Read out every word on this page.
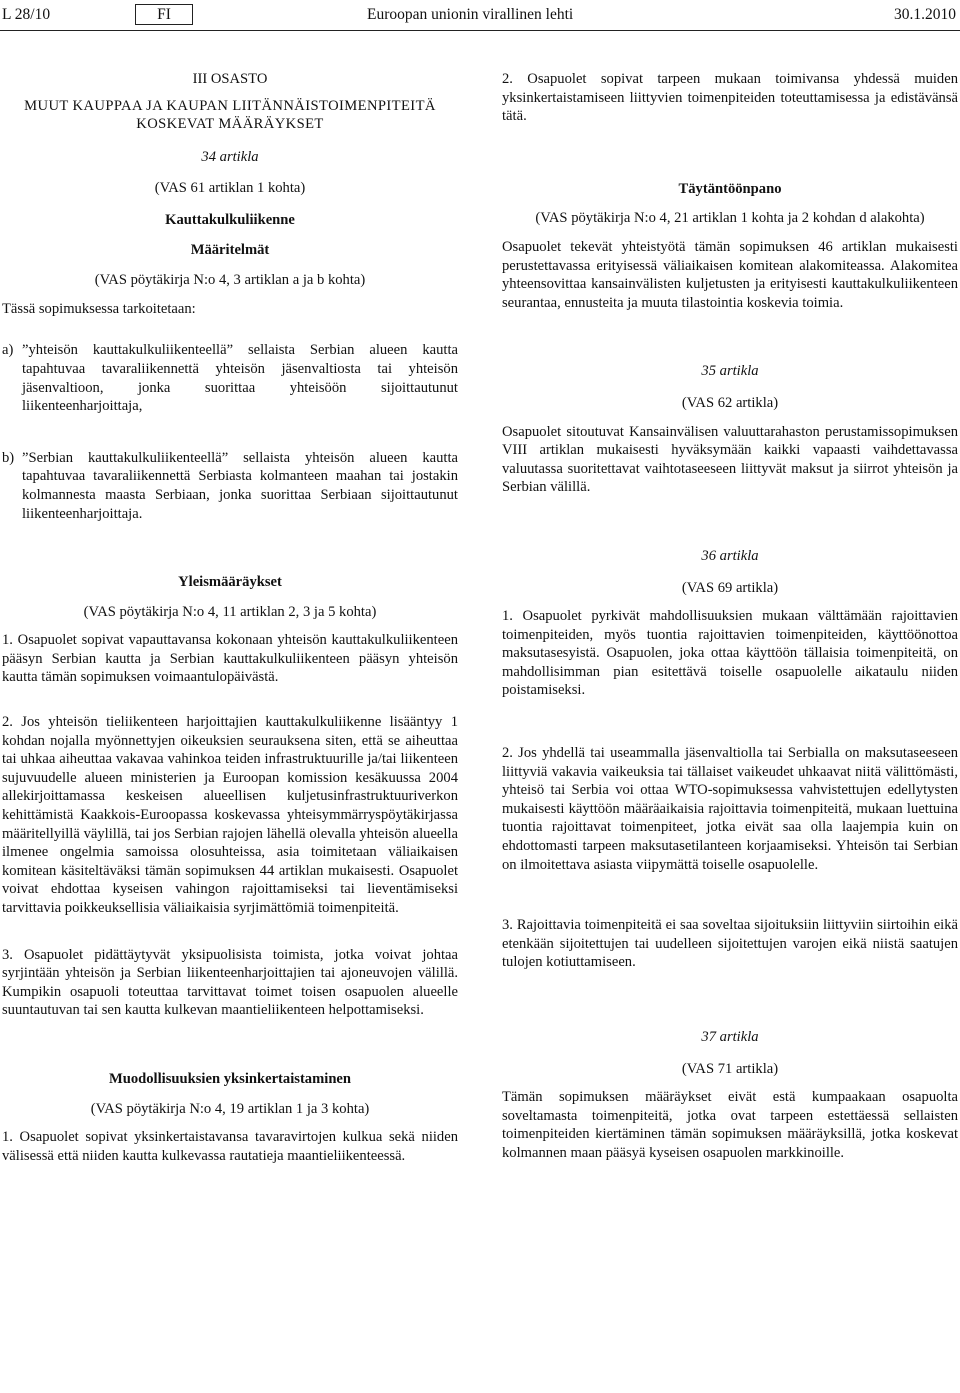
L 28/10	FI	Euroopan unionin virallinen lehti	30.1.2010
III OSASTO
MUUT KAUPPAA JA KAUPAN LIITÄNNÄISTOIMENPITEITÄ KOSKEVAT MÄÄRÄYKSET
34 artikla
(VAS 61 artiklan 1 kohta)
Kauttakulkuliikenne
Määritelmät
(VAS pöytäkirja N:o 4, 3 artiklan a ja b kohta)
Tässä sopimuksessa tarkoitetaan:
a) ”yhteisön kauttakulkuliikenteellä” sellaista Serbian alueen kautta tapahtuvaa tavaraliikennettä yhteisön jäsenvaltiosta tai yhteisön jäsenvaltioon, jonka suorittaa yhteisöön sijoittautunut liikenteenharjoittaja,
b) ”Serbian kauttakulkuliikenteellä” sellaista yhteisön alueen kautta tapahtuvaa tavaraliikennettä Serbiasta kolmanteen maahan tai jostakin kolmannesta maasta Serbiaan, jonka suorittaa Serbiaan sijoittautunut liikenteenharjoittaja.
Yleismääräykset
(VAS pöytäkirja N:o 4, 11 artiklan 2, 3 ja 5 kohta)

1. Osapuolet sopivat vapauttavansa kokonaan yhteisön kauttakulkuliikenteen pääsyn Serbian kautta ja Serbian kauttakulkuliikenteen pääsyn yhteisön kautta tämän sopimuksen voimaantulopäivästä.

2. Jos yhteisön tieliikenteen harjoittajien kauttakulkuliikenne lisääntyy 1 kohdan nojalla myönnettyjen oikeuksien seurauksena siten, että se aiheuttaa tai uhkaa aiheuttaa vakavaa vahinkoa teiden infrastruktuurille ja/tai liikenteen sujuvuudelle alueen ministerien ja Euroopan komission kesäkuussa 2004 allekirjoittamassa keskeisen alueellisen kuljetusinfrastruktuuriverkon kehittämistä Kaakkois-Euroopassa koskevassa yhteisymmärryspöytäkirjassa määritellyillä väylillä, tai jos Serbian rajojen lähellä olevalla yhteisön alueella ilmenee ongelmia samoissa olosuhteissa, asia toimitetaan väliaikaisen komitean käsiteltäväksi tämän sopimuksen 44 artiklan mukaisesti. Osapuolet voivat ehdottaa kyseisen vahingon rajoittamiseksi tai lieventämiseksi tarvittavia poikkeuksellisia väliaikaisia syrjimättömiä toimenpiteitä.

3. Osapuolet pidättäytyvät yksipuolisista toimista, jotka voivat johtaa syrjintään yhteisön ja Serbian liikenteenharjoittajien tai ajoneuvojen välillä. Kumpikin osapuoli toteuttaa tarvittavat toimet toisen osapuolen alueelle suuntautuvan tai sen kautta kulkevan maantieliikenteen helpottamiseksi.

Muodollisuuksien yksinkertaistaminen
(VAS pöytäkirja N:o 4, 19 artiklan 1 ja 3 kohta)

1. Osapuolet sopivat yksinkertaistavansa tavaravirtojen kulkua sekä niiden välisessä että niiden kautta kulkevassa rautatieja maantieliikenteessä.

2. Osapuolet sopivat tarpeen mukaan toimivansa yhdessä muiden yksinkertaistamiseen liittyvien toimenpiteiden toteuttamisessa ja edistävänsä tätä.

Täytäntöönpano
(VAS pöytäkirja N:o 4, 21 artiklan 1 kohta ja 2 kohdan d alakohta)

Osapuolet tekevät yhteistyötä tämän sopimuksen 46 artiklan mukaisesti perustettavassa erityisessä väliaikaisen komitean alakomiteassa. Alakomitea yhteensovittaa kansainvälisten kuljetusten ja erityisesti kauttakulkuliikenteen seurantaa, ennusteita ja muuta tilastointia koskevia toimia.

35 artikla
(VAS 62 artikla)

Osapuolet sitoutuvat Kansainvälisen valuuttarahaston perustamissopimuksen VIII artiklan mukaisesti hyväksymään kaikki vapaasti vaihdettavassa valuutassa suoritettavat vaihtotaseeseen liittyvät maksut ja siirrot yhteisön ja Serbian välillä.

36 artikla
(VAS 69 artikla)

1. Osapuolet pyrkivät mahdollisuuksien mukaan välttämään rajoittavien toimenpiteiden, myös tuontia rajoittavien toimenpiteiden, käyttöönottoa maksutasesyistä. Osapuolen, joka ottaa käyttöön tällaisia toimenpiteitä, on mahdollisimman pian esitettävä toiselle osapuolelle aikataulu niiden poistamiseksi.

2. Jos yhdellä tai useammalla jäsenvaltiolla tai Serbialla on maksutaseeseen liittyviä vakavia vaikeuksia tai tällaiset vaikeudet uhkaavat niitä välittömästi, yhteisö tai Serbia voi ottaa WTO-sopimuksessa vahvistettujen edellytysten mukaisesti käyttöön määräaikaisia rajoittavia toimenpiteitä, mukaan luettuina tuontia rajoittavat toimenpiteet, jotka eivät saa olla laajempia kuin on ehdottomasti tarpeen maksutasetilanteen korjaamiseksi. Yhteisön tai Serbian on ilmoitettava asiasta viipymättä toiselle osapuolelle.

3. Rajoittavia toimenpiteitä ei saa soveltaa sijoituksiin liittyviin siirtoihin eikä etenkään sijoitettujen tai uudelleen sijoitettujen varojen eikä niistä saatujen tulojen kotiuttamiseen.

37 artikla
(VAS 71 artikla)

Tämän sopimuksen määräykset eivät estä kumpaakaan osapuolta soveltamasta toimenpiteitä, jotka ovat tarpeen estettäessä sellaisten toimenpiteiden kiertäminen tämän sopimuksen määräyksillä, jotka koskevat kolmannen maan pääsyä kyseisen osapuolen markkinoille.
